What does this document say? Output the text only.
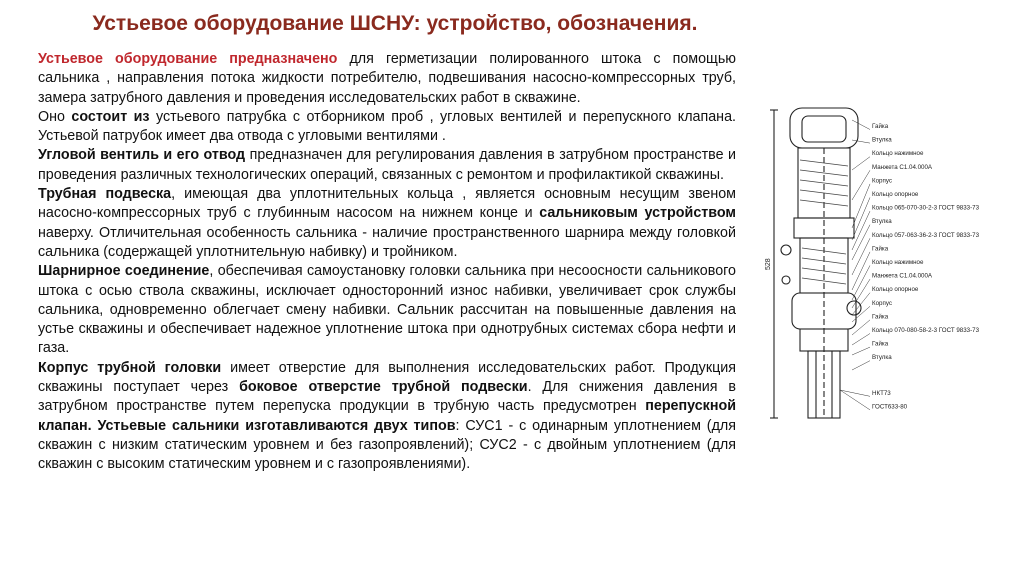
Устьевое оборудование ШСНУ: устройство, обозначения.

Устьевое оборудование предназначено для герметизации полированного штока с помощью сальника , направления потока жидкости потребителю, подвешивания насосно-компрессорных труб, замера затрубного давления и проведения исследовательских работ в скважине.

Оно состоит из устьевого патрубка с отборником проб , угловых вентилей и перепускного клапана. Устьевой патрубок имеет два отвода с угловыми вентилями .

Угловой вентиль и его отвод предназначен для регулирования давления в затрубном пространстве и проведения различных технологических операций, связанных с ремонтом и профилактикой скважины.

Трубная подвеска, имеющая два уплотнительных кольца , является основным несущим звеном насосно-компрессорных труб с глубинным насосом на нижнем конце и сальниковым устройством наверху. Отличительная особенность сальника - наличие пространственного шарнира между головкой сальника (содержащей уплотнительную набивку) и тройником.

Шарнирное соединение, обеспечивая самоустановку головки сальника при несоосности сальникового штока с осью ствола скважины, исключает односторонний износ набивки, увеличивает срок службы сальника, одновременно облегчает смену набивки. Сальник рассчитан на повышенные давления на устье скважины и обеспечивает надежное уплотнение штока при однотрубных системах сбора нефти и газа.

Корпус трубной головки имеет отверстие для выполнения исследовательских работ. Продукция скважины поступает через боковое отверстие трубной подвески. Для снижения давления в затрубном пространстве путем перепуска продукции в трубную часть предусмотрен перепускной клапан. Устьевые сальники изготавливаются двух типов: СУС1 - с одинарным уплотнением (для скважин с низким статическим уровнем и без газопроявлений); СУС2 - с двойным уплотнением (для скважин с высоким статическим уровнем и с газопроявлениями).

528
Гайка
Втулка
Кольцо нажимное
Манжета С1.04.000А
Корпус
Кольцо опорное
Кольцо 065-070-30-2-3 ГОСТ 9833-73
Втулка
Кольцо 057-063-36-2-3 ГОСТ 9833-73
Гайка
Кольцо нажимное
Манжета С1.04.000А
Кольцо опорное
Корпус
Гайка
Кольцо 070-080-58-2-3 ГОСТ 9833-73
Гайка
Втулка
НКТ73
ГОСТ633-80
